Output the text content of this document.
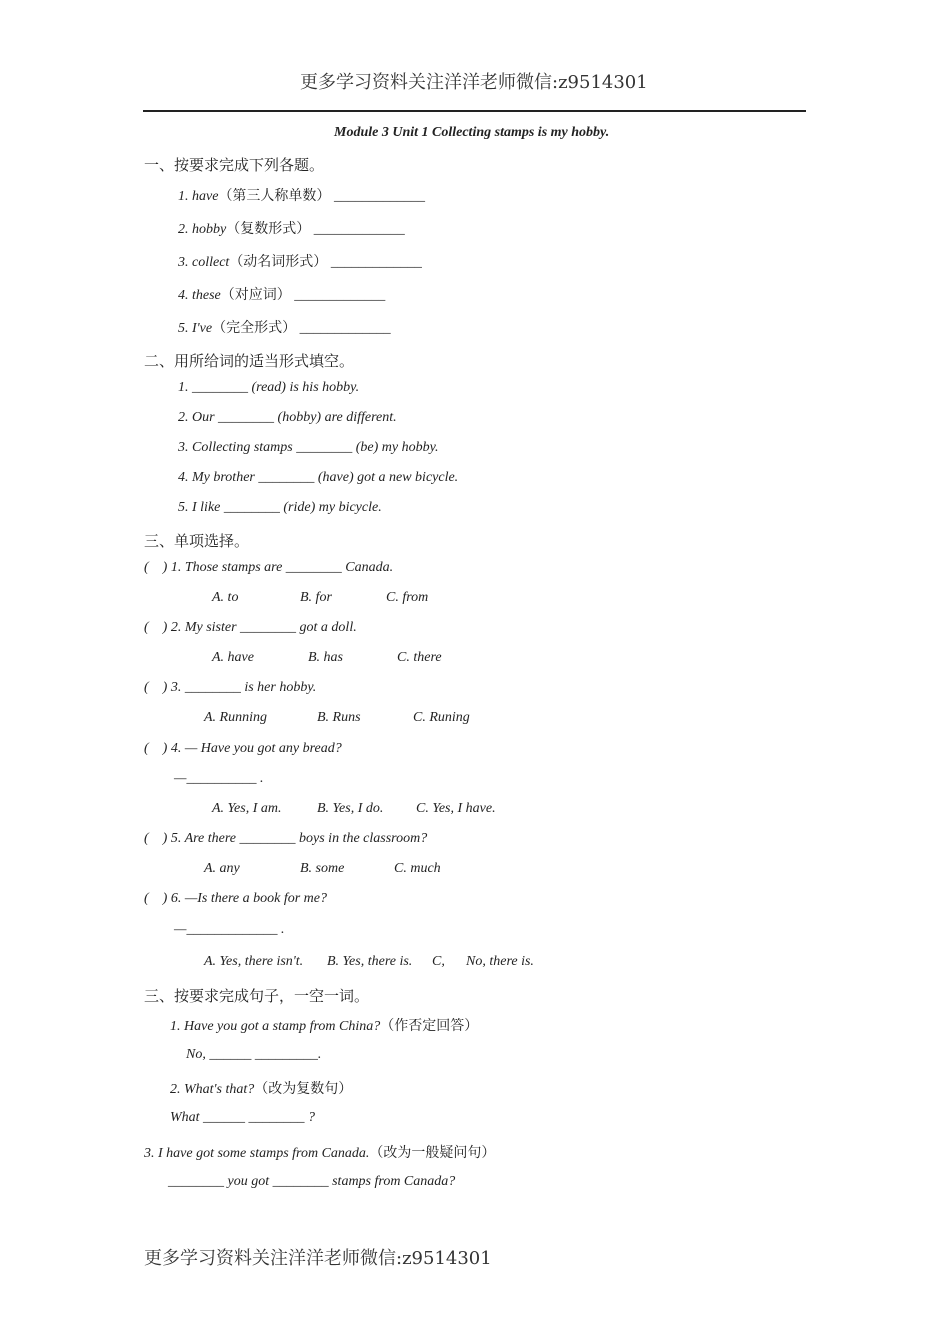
更多学习资料关注洋洋老师微信:z9514301
Module 3 Unit 1 Collecting stamps is my hobby.
一、按要求完成下列各题。
1. have（第三人称单数） _____________
2. hobby（复数形式） _____________
3. collect（动名词形式） _____________
4. these（对应词） _____________
5. I've（完全形式） _____________
二、用所给词的适当形式填空。
1. ________ (read) is his hobby.
2. Our ________ (hobby) are different.
3. Collecting stamps ________ (be) my hobby.
4. My brother ________ (have) got a new bicycle.
5. I like ________ (ride) my bicycle.
三、单项选择。
(    ) 1. Those stamps are ________ Canada.
A. to	B. for	C. from
(    ) 2. My sister ________ got a doll.
A. have	B. has	C. there
(    ) 3. ________ is her hobby.
A. Running	B. Runs	C. Runing
(    ) 4. — Have you got any bread?
—__________ .
A. Yes, I am.	B. Yes, I do. C. Yes, I have.
(    ) 5. Are there ________ boys in the classroom?
A. any	B. some	C. much
(    ) 6. —Is there a book for me?
—_____________ .
A. Yes, there isn't. B. Yes, there is. C, No, there is.
三、按要求完成句子，一空一词。
1. Have you got a stamp from China?（作否定回答）
No, ______ _________.
2. What's that?（改为复数句）
What ______ ________ ?
3. I have got some stamps from Canada.（改为一般疑问句）
________ you got ________ stamps from Canada?
更多学习资料关注洋洋老师微信:z9514301
